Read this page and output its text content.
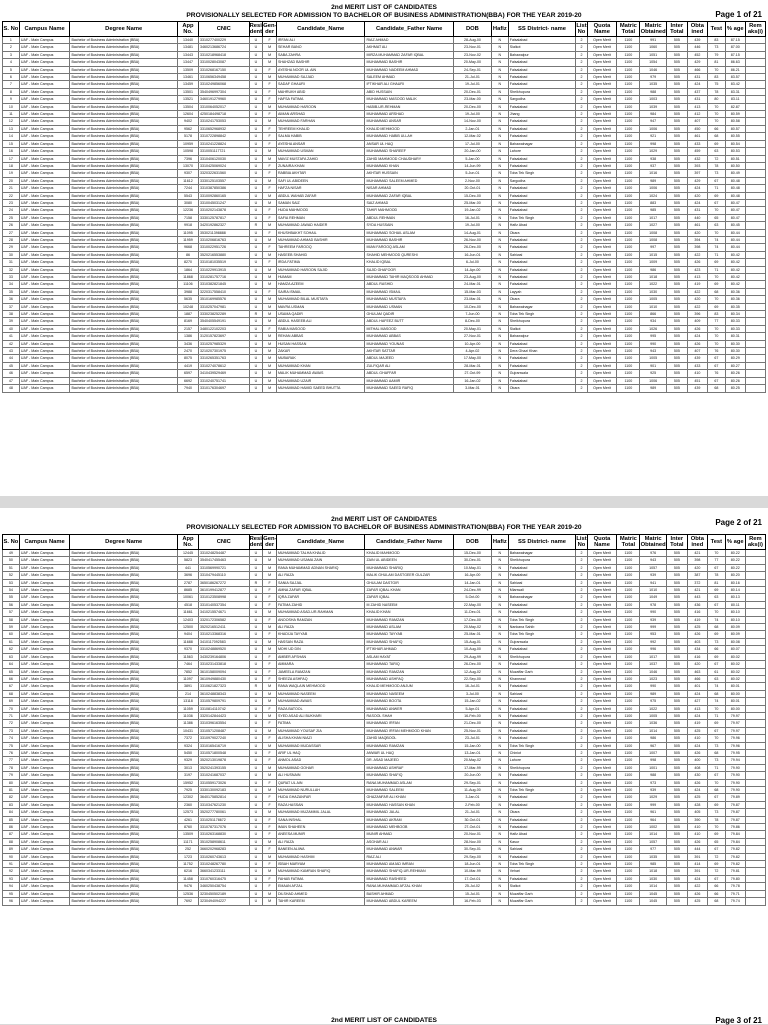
2nd MERIT LIST OF CANDIDATES
PROVISIONALLY SELECTED FOR ADMISSION TO BACHELOR OF BUSINESS ADMINISTRATION(BBA) FOR THE YEAR 2019-20	Page 1 of 21
S. No	Campus Name	Degree Name	App No.	CNIC	Resi-dent	Gen-der	Candidate_Name	Candidate_Father Name	DOB	Hafiz	SS District- name	List No	Quota Name	Matric Total	Matric Obtained	Inter Total	Obta ined	Test	% age	Rem aks(i)
1	UAF - Main Campus	Bachelor of Business Administration (BBA)	13440	3310277400229	U	F	IRFAN ALI	RIAZ AHMAD	28-Aug-00	N	Faisalabad	2	Open Merit	1100	991	505	439	83	87.15	
2	UAF - Main Campus	Bachelor of Business Administration (BBA)	13481	3460213686724	U	M	SEHAR BANO	AKHMAT ALI	23-Nov-01	N	Sialkot	2	Open Merit	1100	1060	505	446	73	87.00	
3	UAF - Main Campus	Bachelor of Business Administration (BBA)	13443	3310218968418	U	M	SABA ZAHRA	MIRZA MUHAMMAD ZAFAR IQBAL	23-Nov-02	N	Bahawalpur	2	Open Merit	1100	1051	505	452	79	87.15	
4	UAF - Main Campus	Bachelor of Business Administration (BBA)	13447	3310028043087	U	M	SHAHZAD BASHIR	MUHAMMAD BASHIR	20-May-00	N	Faisalabad	2	Open Merit	1100	1054	505	429	81	86.63	
5	UAF - Main Campus	Bachelor of Business Administration (BBA)	13509	3310268167150	U	F	AYESHA NOOR UL AIN	MUHAMMAD NADEEM AHMAD	24-Sep-01	N	Faisalabad	2	Open Merit	1100	1046	505	466	70	86.21	
6	UAF - Main Campus	Bachelor of Business Administration (BBA)	13461	3310656349458	U	M	MUHAMMAD SAJJAD	SALEEM AHMAD	21-Jul-01	N	Faisalabad	2	Open Merit	1100	979	505	431	83	83.57	
7	UAF - Main Campus	Bachelor of Business Administration (BBA)	13459	3310249856068	U	F	SADAF GHAURI	IFTIKHAR ALI GHAURI	19-Jul-01	N	Faisalabad	2	Open Merit	1100	1035	505	424	75	83.42	
8	UAF - Main Campus	Bachelor of Business Administration (BBA)	13501	3540496997304	U	F	MAHRUKH ABID	ABID HUSSAIN	20-Dec-01	N	Sheikhupura	2	Open Merit	1100	988	505	437	78	83.31	
9	UAF - Main Campus	Bachelor of Business Administration (BBA)	13521	3460191279960	U	F	HAFSA FATIMA	MUHAMMAD MASOOD MALIK	23-Mar-00	N	Sargodha	2	Open Merit	1100	1003	505	431	80	83.11	
10	UAF - Main Campus	Bachelor of Business Administration (BBA)	13504	3310064052017	U	M	MUHAMMAD HAROON	HABIB-UR-REHMAN	20-Dec-00	N	Faisalabad	2	Open Merit	1100	1039	505	413	70	82.87	
11	UAF - Main Campus	Bachelor of Business Administration (BBA)	12604	4250184498718	U	F	AIMAN ARSHAD	MUHAMMAD ARSHAD	19-Jul-00	N	Jhang	2	Open Merit	1100	984	505	412	70	80.59	
12	UAF - Main Campus	Bachelor of Business Administration (BBA)	9402	3310241753053	U	M	MUHAMMAD FARHAN	MUHAMMAD ANSAR	14-Nov-00	N	Faisalabad	2	Open Merit	1100	947	505	407	70	80.58	
13	UAF - Main Campus	Bachelor of Business Administration (BBA)	9562	3310652968932	U	F	TEHREEM KHALID	KHALID MEHMOOD	2-Jan-01	N	Faisalabad	2	Open Merit	1100	1006	505	450	66	80.57	
14	UAF - Main Campus	Bachelor of Business Administration (BBA)	5178	3310722898842	U	F	SALMA HABIB	MUHAMMAD HABIB ULLAH	12-Mar-02	N	Faisalabad	2	Open Merit	1100	921	505	461	68	80.55	
15	UAF - Main Campus	Bachelor of Business Administration (BBA)	10959	3310241228824	U	F	AYESHA ANSAR	ANSAR UL HAQ	17-Jul-00	N	Bahawalnagar	2	Open Merit	1100	998	505	433	69	80.54	
16	UAF - Main Campus	Bachelor of Business Administration (BBA)	10598	3310051117721	U	M	MUHAMMAD USMAN	MUHAMMAD SHAREEF	20-Jan-00	N	Lahore	2	Open Merit	1100	1029	505	459	63	80.53	
17	UAF - Main Campus	Bachelor of Business Administration (BBA)	7396	3310406120030	U	M	MAVIZ MUSTAFA ZAHID	ZAHID MAHMOOD CHAUDHARY	5-Jan-00	N	Faisalabad	2	Open Merit	1100	938	505	432	72	80.51	
18	UAF - Main Campus	Bachelor of Business Administration (BBA)	13070	3310425069024	U	F	ZUNAIRA KHAN	MUHAMMAD KHAN	14-Jun-99	N	Faisalabad	2	Open Merit	1100	937	505	393	78	80.50	
19	UAF - Main Campus	Bachelor of Business Administration (BBA)	9307	3320322631560	U	F	RABBIA AKHTAR	AKHTAR HUSSAIN	5-Jun-01	N	Toba Tek Singh	2	Open Merit	1100	1016	505	397	73	80.49	
20	UAF - Main Campus	Bachelor of Business Administration (BBA)	11612	3330125103557	U	M	SAFI UL ABIDEEN	MUHAMMAD SALEEM AHMED	2-Nov-00	N	Sargodha	2	Open Merit	1100	989	505	429	67	80.48	
21	UAF - Main Campus	Bachelor of Business Administration (BBA)	7244	3310387850386	U	F	HAFZA NISAR	NISAR AHMAD	20-Oct-01	N	Faisalabad	2	Open Merit	1100	1006	505	424	71	80.48	
22	UAF - Main Campus	Bachelor of Business Administration (BBA)	5543	3310092860165	U	M	ABDUL WAHAB ZAFAR	MUHAMMAD ZAFAR IQBAL	15-Dec-00	N	Faisalabad	2	Open Merit	1100	1024	505	420	69	80.48	
23	UAF - Main Campus	Bachelor of Business Administration (BBA)	3080	3310045031247	U	M	SAMAN SAIZ	SAIZ AHMAD	25-Mar-00	N	Faisalabad	2	Open Merit	1100	883	505	424	67	80.47	
24	UAF - Main Campus	Bachelor of Business Administration (BBA)	12236	3310202143878	U	F	HUDA MAHMOOD	TAHIR MAHMOOD	19-Jan-02	N	Faisalabad	2	Open Merit	1100	985	505	431	70	80.47	
25	UAF - Main Campus	Bachelor of Business Administration (BBA)	7158	3330125787817	U	F	SAFIA REHMAN	ABDUL REHMAN	16-Jul-01	N	Toba Tek Singh	2	Open Merit	1100	1017	505	440	65	80.47	
26	UAF - Main Campus	Bachelor of Business Administration (BBA)	9918	3420192862327	R	M	MUHAMMAD JAWAD HAIDER	SYDA HUSSAIN	19-Jul-00	N	Hafiz Abad	2	Open Merit	1100	1027	505	461	63	80.45	
27	UAF - Main Campus	Bachelor of Business Administration (BBA)	11095	3530211398888	U	F	KHUSHBAKHT SOHAIL	MUHAMMAD SOHAIL ASLAM	14-Aug-01	N	Okara	2	Open Merit	1100	1008	505	420	70	80.44	
28	UAF - Main Campus	Bachelor of Business Administration (BBA)	11959	3310206816763	U	M	MUHAMMAD AHMAD BASHIR	MUHAMMAD BASHIR	26-Nov-00	N	Faisalabad	2	Open Merit	1100	1008	505	394	74	80.44	
29	UAF - Main Campus	Bachelor of Business Administration (BBA)	9668	3310022951726	U	F	TAHREEM FAROOQ	MIAN FAROOQ ASLAM	26-Dec-00	N	Faisalabad	2	Open Merit	1100	997	505	398	74	80.44	
30	UAF - Main Campus	Bachelor of Business Administration (BBA)	86	3520216553880	U	M	HASEEB SHAHID	SHAHID MEHMOOD QURESHI	16-Jun-01	N	Sahiwal	2	Open Merit	1100	1015	505	422	71	80.42	
31	UAF - Main Campus	Bachelor of Business Administration (BBA)	8270	3310181035519	U	F	IRDA FATIMA	KHALID IQBAL	6-Jul-00	N	Faisalabad	2	Open Merit	1100	1009	505	426	69	80.42	
32	UAF - Main Campus	Bachelor of Business Administration (BBA)	1864	3310229913915	U	M	MUHAMMAD HAROON SAJID	SAJID GHAFOOR	14-Apr-00	N	Faisalabad	2	Open Merit	1100	986	505	423	71	80.42	
33	UAF - Main Campus	Bachelor of Business Administration (BBA)	11868	3310281757716	U	M	HUMAM	MUHAMMAD TAHIR MAQSOOD AHMAD	23-Aug-00	N	Faisalabad	2	Open Merit	1100	1018	505	413	70	80.42	
34	UAF - Main Campus	Bachelor of Business Administration (BBA)	11106	3310382821845	U	M	HAMZA AZEEM	ABDUL RASHID	24-Mar-01	N	Faisalabad	2	Open Merit	1100	1022	505	419	69	80.42	
35	UAF - Main Campus	Bachelor of Business Administration (BBA)	3988	3220317558410	U	F	SAIRA ISMAIL	MUHAMMAD ISMAIL	15-Mar-03	N	Layyah	2	Open Merit	1100	1030	505	422	68	80.36	
36	UAF - Main Campus	Bachelor of Business Administration (BBA)	5635	3510169985576	U	M	MUHAMMAD BILAL MUSTAFA	MUHAMMAD MUSTAFA	23-Mar-01	N	Okara	2	Open Merit	1100	1005	505	420	70	80.36	
37	UAF - Main Campus	Bachelor of Business Administration (BBA)	10248	3310257047981	U	M	MAVRA USMAN	MUHAMMAD USMAN	10-Dec-00	N	Bahawalnagar	2	Open Merit	1100	1010	505	422	69	80.35	
38	UAF - Main Campus	Bachelor of Business Administration (BBA)	1887	3330238252289	R	M	USAMA QADIR	GHULAM QADIR	7-Jun-00	N	Toba Tek Singh	2	Open Merit	1100	866	505	396	83	80.34	
39	UAF - Main Campus	Bachelor of Business Administration (BBA)	8169	3540405549191	U	M	ABDUL HASEEB ALI	ABDUL HAFEEZ BUTT	8-Dec-00	N	Sheikhupura	2	Open Merit	1100	934	505	409	77	80.33	
40	UAF - Main Campus	Bachelor of Business Administration (BBA)	2157	3480122102203	U	F	RABIA MASOOD	MITHAL MASOOD	20-May-01	N	Sialkot	2	Open Merit	1100	1026	505	426	70	80.33	
41	UAF - Main Campus	Bachelor of Business Administration (BBA)	1386	3120157823697	U	M	REHAN ABBAS	MUHAMMAD ABBAS	27-Nov-01	N	Bahawalpur	2	Open Merit	1100	995	505	424	70	80.31	
42	UAF - Main Campus	Bachelor of Business Administration (BBA)	3436	3310257985329	U	M	HUSAN HASSAN	MUHAMMAD YOUNAS	10-Apr-00	N	Faisalabad	2	Open Merit	1100	990	505	426	70	80.30	
43	UAF - Main Campus	Bachelor of Business Administration (BBA)	2470	3210207301975	U	M	ZAKAR	AKHTAR SATTAR	4-Apr-02	N	Dera Ghazi Khan	2	Open Merit	1100	943	505	407	76	80.30	
44	UAF - Main Campus	Bachelor of Business Administration (BBA)	8075	3310265351763	U	M	MUBARAK	ABDUL MAJEED	17-May-00	N	Faisalabad	2	Open Merit	1100	1005	505	439	67	80.29	
45	UAF - Main Campus	Bachelor of Business Administration (BBA)	4419	3310274078612	U	M	MUHAMMAD KHAN	ZULFIQAR ALI	28-Mar-01	N	Faisalabad	2	Open Merit	1100	901	505	433	67	80.27	
46	UAF - Main Campus	Bachelor of Business Administration (BBA)	6597	3410439529469	U	M	MALIK MUHAMMAD AWAIS	ABDUL GHAFFAR	27-Oct-99	N	Gujranwala	2	Open Merit	1100	925	505	410	76	80.26	
47	UAF - Main Campus	Bachelor of Business Administration (BBA)	6692	3310240751741	U	M	MUHAMMAD UZAIR	MUHAMMAD AAMIR	16-Jan-02	N	Faisalabad	2	Open Merit	1100	1006	505	451	67	80.26	
48	UAF - Main Campus	Bachelor of Business Administration (BBA)	7940	3310176304697	U	M	MUHAMMAD HAMID SAEED BHUTTA	MUHAMMAD SAEED RAFIQ	3-Mar-01	N	Okara	2	Open Merit	1100	989	505	439	68	80.25	
2nd MERIT LIST OF CANDIDATES
PROVISIONALLY SELECTED FOR ADMISSION TO BACHELOR OF BUSINESS ADMINISTRATION(BBA) FOR THE YEAR 2019-20
Page 2 of 21
S. No	Campus Name	Degree Name	App No.	CNIC	Resi-dent	Gen-der	Candidate_Name	Candidate_Father Name	DOB	Hafiz	SS District- name	List No	Quota Name	Matric Total	Matric Obtained	Inter Total	Obta ined	Test	% age	Rem aks(i)
49	UAF - Main Campus	Bachelor of Business Administration (BBA)	12445	3310248254487	U	M	MUHAMMAD TALHA KHALID	KHALID MAHMOOD	15-Dec-00	N	Bahawalnagar	2	Open Merit	1100	976	505	421	70	80.22	
50	UAF - Main Campus	Bachelor of Business Administration (BBA)	5823	3540417455463	U	M	MUHAMMAD USAMA ZAIN	ZAIN UL ABIDEEN	30-Dec-01	N	Sheikhupura	2	Open Merit	1100	943	505	398	77	80.22	
51	UAF - Main Campus	Bachelor of Business Administration (BBA)	441	3310569990721	U	M	RANA MUHAMMAD ADNAN SHARIQ	MUHAMMAD SHARIQ	10-May-01	N	Faisalabad	2	Open Merit	1100	1057	505	420	67	80.22	
52	UAF - Main Campus	Bachelor of Business Administration (BBA)	3696	3310479445110	U	M	ALI RAZA	MALIK GHULAM DASTGEER GULZAR	16-Apr-00	N	Faisalabad	2	Open Merit	1100	939	505	387	78	80.20	
53	UAF - Main Campus	Bachelor of Business Administration (BBA)	2787	3650186267272	R	F	SANIA SAJJAL	GHULAM DASTGIR	14-Jan-01	N	Sahiwal	2	Open Merit	1100	941	505	372	81	80.16	
54	UAF - Main Campus	Bachelor of Business Administration (BBA)	8685	3610199412877	U	F	AMNA ZAFAR IQBAL	ZAFAR IQBAL KHAN	24-Dec-99	N	Mianwali	2	Open Merit	1100	1010	505	421	69	80.14	
55	UAF - Main Campus	Bachelor of Business Administration (BBA)	10061	3310123508998	U	F	IQRA ZAFAR	ZAFAR IQBAL	5-Oct-00	N	Bahawalnagar	2	Open Merit	1100	1049	505	443	63	80.13	
56	UAF - Main Campus	Bachelor of Business Administration (BBA)	4518	3310140537354	U	F	FATIMA ZAHID	M ZAHID NASEEM	22-May-00	N	Faisalabad	2	Open Merit	1100	978	505	436	67	80.11	
57	UAF - Main Campus	Bachelor of Business Administration (BBA)	11661	3410215574671	U	M	MUHAMMAD ASAD-UR-RAHMAN	KHALID KHAN	11-Dec-01	N	Faisalabad	2	Open Merit	1100	990	505	416	70	80.10	
58	UAF - Main Campus	Bachelor of Business Administration (BBA)	12403	3320172306582	U	F	ANOOSHA RAMZAN	MUHAMMAD RAMZAN	17-Dec-00	N	Toba Tek Singh	2	Open Merit	1100	939	505	419	74	80.10	
59	UAF - Main Campus	Bachelor of Business Administration (BBA)	12500	3520216512411	U	M	ALI RAZA	MUHAMMAD ASLAM	20-May-02	N	Nankana Sahib	2	Open Merit	1100	999	505	425	68	80.09	
60	UAF - Main Campus	Bachelor of Business Administration (BBA)	9404	3310213368316	U	F	KHADIJA TAYYAB	MUHAMMAD TAYYAB	25-Mar-01	N	Toba Tek Singh	2	Open Merit	1100	953	505	426	69	80.09	
61	UAF - Main Campus	Bachelor of Business Administration (BBA)	11688	3410117092583	U	M	HASSAN RAZA	MUHAMMAD SHAFIQ	15-Aug-01	N	Gujranwala	2	Open Merit	1100	992	505	403	73	80.08	
62	UAF - Main Campus	Bachelor of Business Administration (BBA)	9370	3310248869520	U	M	MOHI UD DIN	IFTIKHAR AHMAD	10-Aug-00	N	Faisalabad	2	Open Merit	1100	996	505	434	66	80.07	
63	UAF - Main Campus	Bachelor of Business Administration (BBA)	11563	3430239164806	U	F	AMBER AFSHAN	ASLAM HAYAT	29-Aug-99	N	Sheikhupura	2	Open Merit	1100	1017	505	416	69	80.02	
64	UAF - Main Campus	Bachelor of Business Administration (BBA)	7464	3310231433818	U	F	AMMARA	MUHAMMAD TARIQ	26-Dec-00	N	Faisalabad	2	Open Merit	1100	1037	505	420	67	80.02	
65	UAF - Main Campus	Bachelor of Business Administration (BBA)	7852	3610158009094	U	F	JAMEELA RAMZAN	MUHAMMAD RAMZAN	12-Aug-02	N	Muzaffar Garh	2	Open Merit	1100	1046	505	463	61	80.02	
66	UAF - Main Campus	Bachelor of Business Administration (BBA)	11097	3610949880430	U	F	SHEEZA ASHFAQ	MUHAMMAD ASHFAQ	22-Sep-00	N	Khanewal	2	Open Merit	1100	1023	505	466	63	80.02	
67	UAF - Main Campus	Bachelor of Business Administration (BBA)	3891	3310621827323	R	M	RANA WAQLAIN MEHMOOD	KHALID MEHMOOD ANJUM	16-Jul-01	N	Faisalabad	2	Open Merit	1100	990	505	401	74	80.01	
68	UAF - Main Campus	Bachelor of Business Administration (BBA)	214	3610248838343	U	M	MUHAMMAD NASEEM	MUHAMMAD NASEEM	3-Jul-00	N	Sahiwal	2	Open Merit	1100	989	505	424	68	80.00	
69	UAF - Main Campus	Bachelor of Business Administration (BBA)	13118	3310579809791	U	M	MUHAMMAD AWAIS	MUHAMMAD BOOTA	15-Jan-02	N	Faisalabad	2	Open Merit	1100	975	505	427	74	80.01	
70	UAF - Main Campus	Bachelor of Business Administration (BBA)	11059	3310814110742	U	F	RAZA BATOOL	MUHAMMAD ANWER	5-Apr-01	N	Faisalabad	2	Open Merit	1100	1022	505	413	70	80.00	
71	UAF - Main Campus	Bachelor of Business Administration (BBA)	11036	3320142844423	U	M	SYED ASAD ALI BUKHARI	RASOOL SHAH	16-Feb-00	N	Faisalabad	2	Open Merit	1100	1005	505	424	71	79.97	
72	UAF - Main Campus	Bachelor of Business Administration (BBA)	11386	3310396163554	U	F	FATIMA	MUHAMMAD IRFAN	21-Dec-00	N	Faisalabad	2	Open Merit	1100	1036	505	419	69	79.97	
73	UAF - Main Campus	Bachelor of Business Administration (BBA)	10431	3310571208487	U	M	MUHAMMAD YOUSAF ZIA	MUHAMMAD IRFAN MEHMOOD KHAN	25-Nov-01	N	Faisalabad	2	Open Merit	1100	1014	505	425	67	79.97	
74	UAF - Main Campus	Bachelor of Business Administration (BBA)	7372	3310979027240	U	F	ALISHA KHAN NIAZI	ZAHID MAQBOOL	23-Jul-01	N	Faisalabad	2	Open Merit	1100	986	505	410	70	79.96	
75	UAF - Main Campus	Bachelor of Business Administration (BBA)	9324	3310165416719	U	M	MUHAMMAD MUDASSAR	MUHAMMAD RAMZAN	15-Jan-00	N	Toba Tek Singh	2	Open Merit	1100	967	505	424	73	79.96	
76	UAF - Main Campus	Bachelor of Business Administration (BBA)	5450	3310571800548	U	F	ARIF UL HAQ	ANWAR UL HAQ	13-Jan-01	N	Chiniot	2	Open Merit	1100	1007	505	426	68	79.95	
77	UAF - Main Campus	Bachelor of Business Administration (BBA)	9329	3520213019878	U	F	ANMOL ASAD	DR. ASAD MAJEED	20-May-02	N	Lahore	2	Open Merit	1100	998	505	400	73	79.94	
78	UAF - Main Campus	Bachelor of Business Administration (BBA)	3013	3520241393155	U	M	MUHAMMAD GOHAR	MUHAMMAD ASHRAF	17-Mar-99	N	Sheikhupura	2	Open Merit	1100	1001	505	408	71	79.90	
79	UAF - Main Campus	Bachelor of Business Administration (BBA)	3197	3310241687037	U	M	ALI HUSNAIN	MUHAMMAD SHAFIQ	20-Jun-00	N	Faisalabad	2	Open Merit	1100	988	505	430	67	79.90	
80	UAF - Main Campus	Bachelor of Business Administration (BBA)	15952	3310559173026	U	F	QURAT UL AIN	RANA MUHAMMAD ASLAM	29-Sep-01	N	Faisalabad	2	Open Merit	1100	973	505	426	70	79.90	
81	UAF - Main Campus	Bachelor of Business Administration (BBA)	7925	3330130092183	U	M	MUHAMMAD NURULLAH	MUHAMMAD SALEEM	11-Aug-00	N	Toba Tek Singh	2	Open Merit	1100	939	505	424	68	79.90	
82	UAF - Main Campus	Bachelor of Business Administration (BBA)	12302	3640175852814	U	F	HUDA GHAZANFAR	GHAZANFAR ALI KHAN	3-Jan-01	N	Faisalabad	2	Open Merit	1100	1029	505	425	67	79.89	
83	UAF - Main Campus	Bachelor of Business Administration (BBA)	2360	3310347621230	U	F	RAZA HASSAN	MUHAMMAD HASSAN KHAN	2-Feb-00	N	Faisalabad	2	Open Merit	1100	999	505	428	69	79.87	
84	UAF - Main Campus	Bachelor of Business Administration (BBA)	12573	3520277780061	U	M	MUHAMMAD MUZAMMIL JALAL	MUHAMMAD JALAL	21-Jul-01	N	Okara	2	Open Merit	1100	961	505	405	73	79.87	
85	UAF - Main Campus	Bachelor of Business Administration (BBA)	4261	3310251178672	U	F	SANA INSHAL	MUHAMMAD AKRAM	30-Oct-01	N	Faisalabad	2	Open Merit	1100	964	505	390	78	79.87	
86	UAF - Main Campus	Bachelor of Business Administration (BBA)	8760	3310787317076	U	F	IMAN SHAHEEN	MUHAMMAD MEHBOOB	27-Oct-01	N	Faisalabad	2	Open Merit	1100	1002	505	410	70	79.86	
87	UAF - Main Campus	Bachelor of Business Administration (BBA)	13509	3310263168830	U	F	ANEESA MUNIR	MUNIR AHMAD	20-Nov-01	N	Hafiz Abad	2	Open Merit	1100	1014	505	410	69	79.84	
88	UAF - Main Campus	Bachelor of Business Administration (BBA)	11171	3510258908611	U	M	ALI RAZA	ASGHAR ALI	28-Nov-00	N	Kasur	2	Open Merit	1100	1057	505	426	65	79.84	
89	UAF - Main Campus	Bachelor of Business Administration (BBA)	252	3660202968283	U	F	BANEEN ALIWA	MUHAMMAD ANWAR	30-Sep-01	N	Sahiwal	2	Open Merit	1100	977	505	444	67	79.82	
90	UAF - Main Campus	Bachelor of Business Administration (BBA)	1723	3310260743613	U	M	MUHAMMAD HASHIM	RIAZ ALI	29-Sep-00	N	Faisalabad	2	Open Merit	1100	1035	505	391	72	79.82	
91	UAF - Main Campus	Bachelor of Business Administration (BBA)	11752	3310248267780	U	F	ISBAH MARYAM	MUHAMMAD AMJAD IMRAN	18-Jun-01	N	Toba Tek Singh	2	Open Merit	1100	985	505	414	69	79.82	
92	UAF - Main Campus	Bachelor of Business Administration (BBA)	6216	3660341233111	U	M	MUHAMMAD KAMRAN SHAFIQ	MUHAMMAD SHAFIQ-UR-REHMAN	10-Mar-99	N	Vehari	2	Open Merit	1100	1018	505	391	72	79.81	
93	UAF - Main Campus	Bachelor of Business Administration (BBA)	11458	3310760316475	U	F	FAHAB FATIMA	MUHAMMAD RASHEED	17-Oct-01	N	Faisalabad	2	Open Merit	1100	1030	505	424	67	79.80	
94	UAF - Main Campus	Bachelor of Business Administration (BBA)	9476	3460250438754	U	F	EMAAN AFZAL	RANA MUHAMMAD AFZAL KHAN	25-Jul-02	N	Sialkot	2	Open Merit	1100	1014	505	422	66	79.78	
95	UAF - Main Campus	Bachelor of Business Administration (BBA)	12536	3230450502189	U	M	DILSHAD AHMED	BASHIR AHMAD	15-Jul-01	N	Muzaffar Garh	2	Open Merit	1100	1045	505	426	66	79.71	
96	UAF - Main Campus	Bachelor of Business Administration (BBA)	7692	3230494094227	U	M	TAHIR KAREEM	MUHAMMAD ABDUL KAREEM	16-Feb-03	N	Muzaffar Garh	2	Open Merit	1100	1045	505	425	68	79.74	
Page 3 of 21
2nd MERIT LIST OF CANDIDATES
